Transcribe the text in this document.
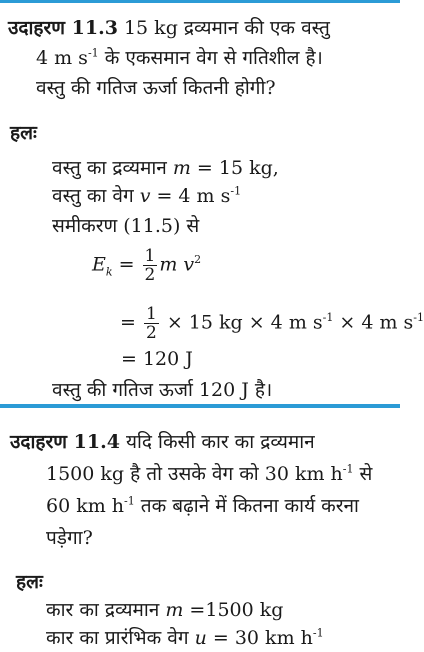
उदाहरण 11.3 15 kg द्रव्यमान की एक वस्तु
4 m $s^{-1}$ के एकसमान वेग से गतिशील है।
वस्तु की गतिज ऊर्जा कितनी होगी?
हलः
वस्तु का द्रव्यमान m = 15 kg,
वस्तु का वेग v = 4 m $s^{-1}$
समीकरण (11.5) से
$E_k = \frac{1}{2}$ m $v^2$
= $\frac{1}{2} \times 15$ kg × 4 m $s^{-1} \times 4$ m $s^{-1}$
= 120 J
वस्तु की गतिज ऊर्जा 120 J है।
उदाहरण 11.4 यदि किसी कार का द्रव्यमान
1500 kg है तो उसके वेग को 30 km $h^{-1}$ से
60 km $h^{-1}$ तक बढ़ाने में कितना कार्य करना
पड़ेगा?
हलः
कार का द्रव्यमान m =1500 kg
कार का प्रारंभिक वेग u = 30 km $h^{-1}$
